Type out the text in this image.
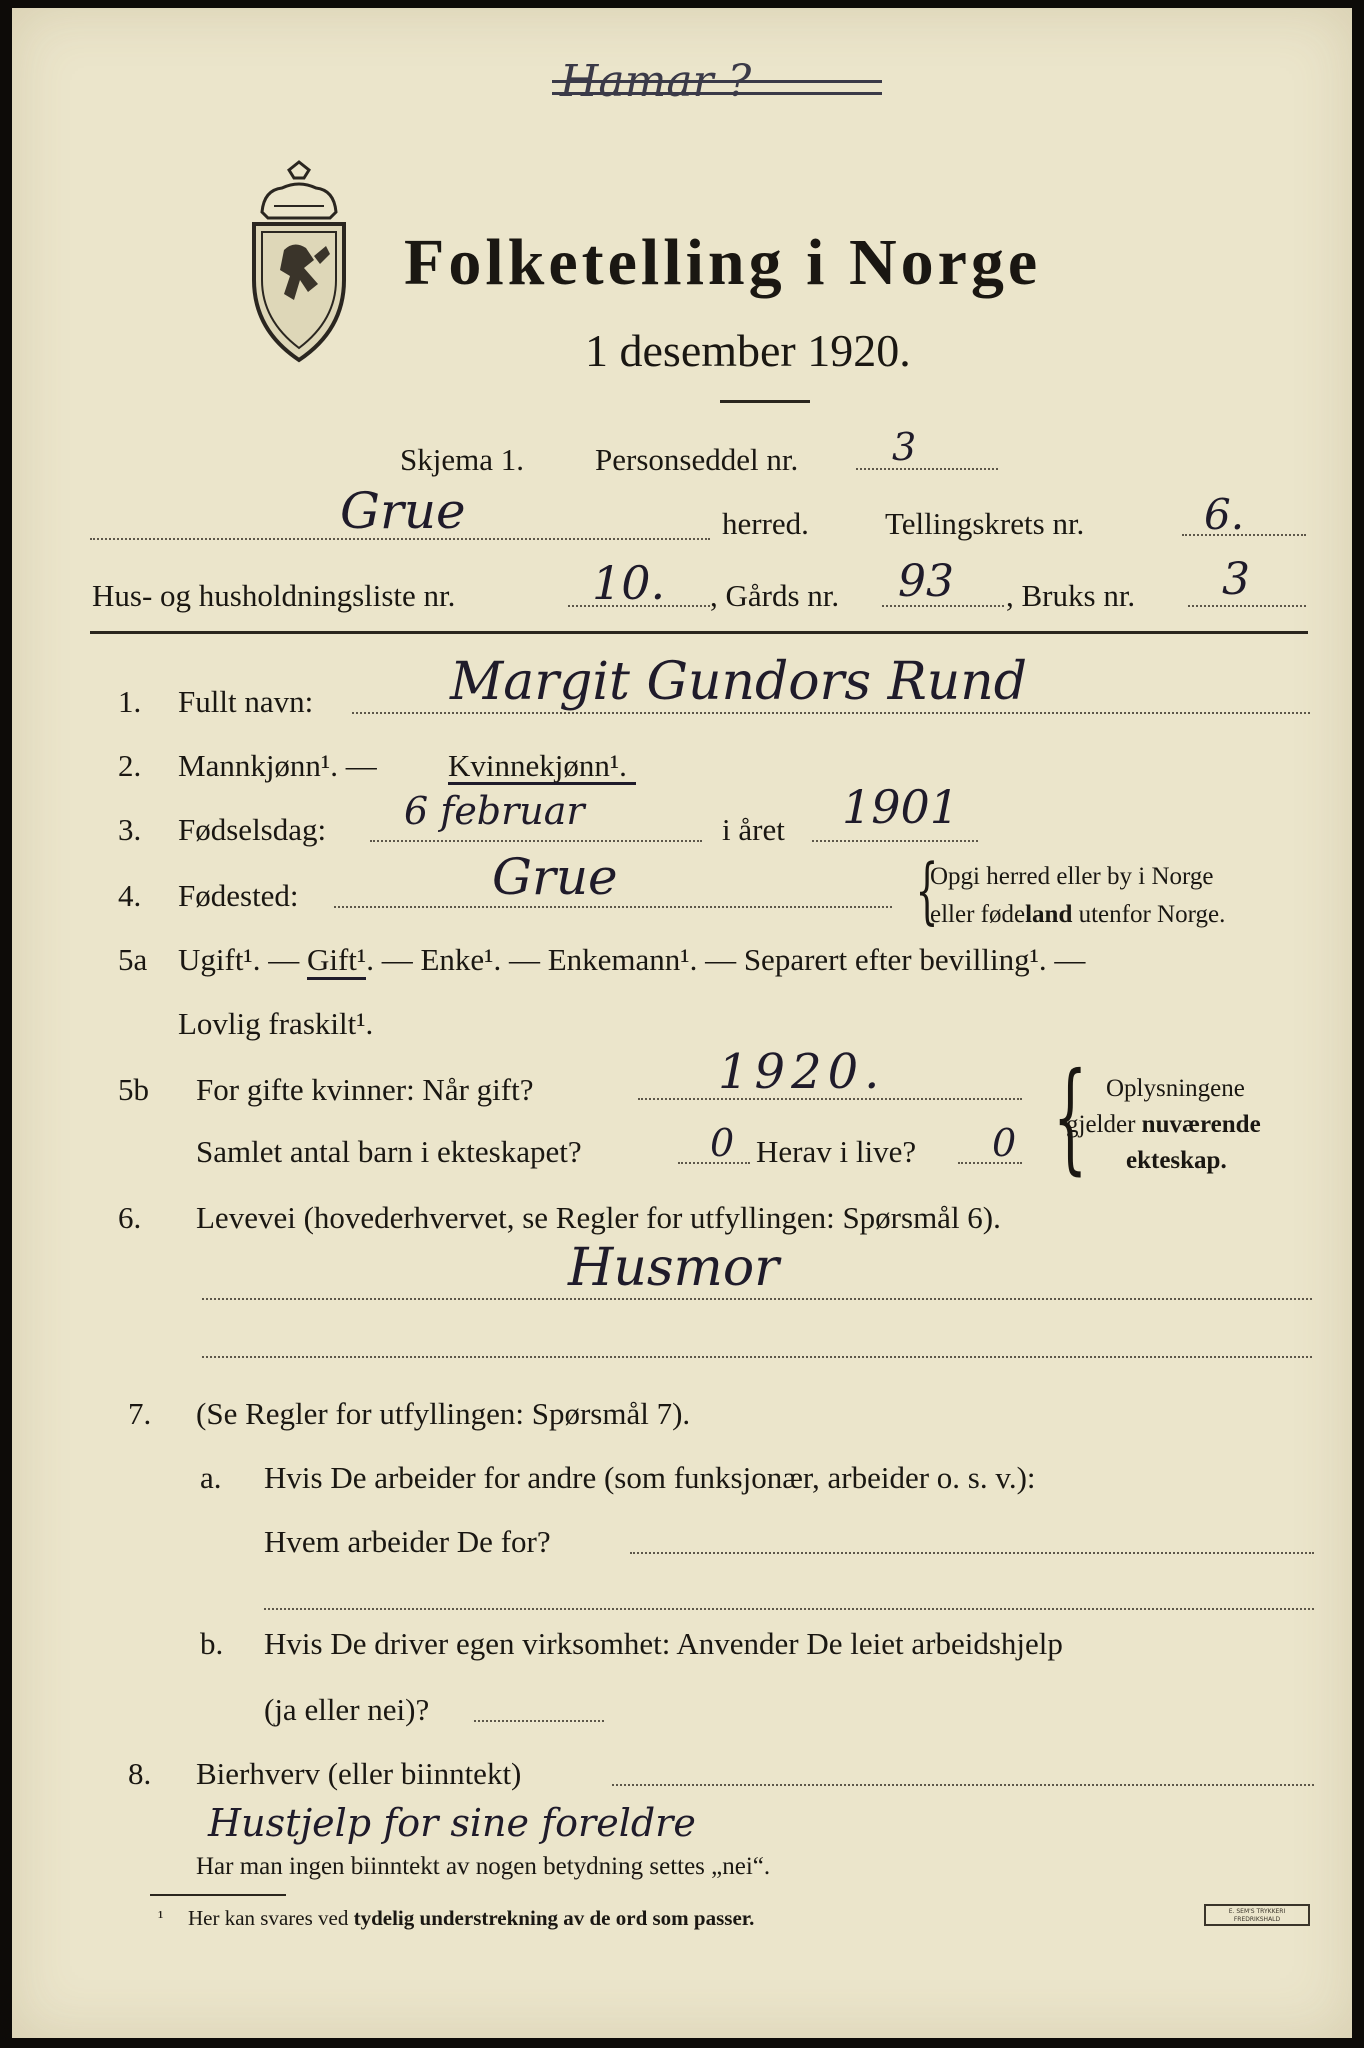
Hamar ?
Folketelling i Norge
1 desember 1920.
Skjema 1. Personseddel nr. 3
Grue	herred. Tellingskrets nr.	6.
Hus- og husholdningsliste nr.	10. , Gårds nr. 93 , Bruks nr. 3
1. Fullt navn:	Margit Gundors Rund
2. Mannkjønn¹. — Kvinnekjønn¹.
3. Fødselsdag: 6 februar	i året 1901
4. Fødested:	Grue	{
Opgi herred eller by i Norge
eller fødeland utenfor Norge.
5a Ugift¹. — Gift¹. — Enke¹. — Enkemann¹. — Separert efter bevilling¹. —
Lovlig fraskilt¹.
5b For gifte kvinner: Når gift?	1920.
Samlet antal barn i ekteskapet?	0 Herav i live? 0 { Oplysningene
gjelder nuværende
ekteskap.
6. Levevei (hovederhvervet, se Regler for utfyllingen: Spørsmål 6).
Husmor
7. (Se Regler for utfyllingen: Spørsmål 7).
a. Hvis De arbeider for andre (som funksjonær, arbeider o. s. v.):
Hvem arbeider De for?
b. Hvis De driver egen virksomhet: Anvender De leiet arbeidshjelp
(ja eller nei)?
8. Bierhverv (eller biinntekt)
Hustjelp for sine foreldre
Har man ingen biinntekt av nogen betydning settes „nei“.
¹ Her kan svares ved tydelig understrekning av de ord som passer.	E. SEM'S TRYKKERI FREDRIKSHALD
